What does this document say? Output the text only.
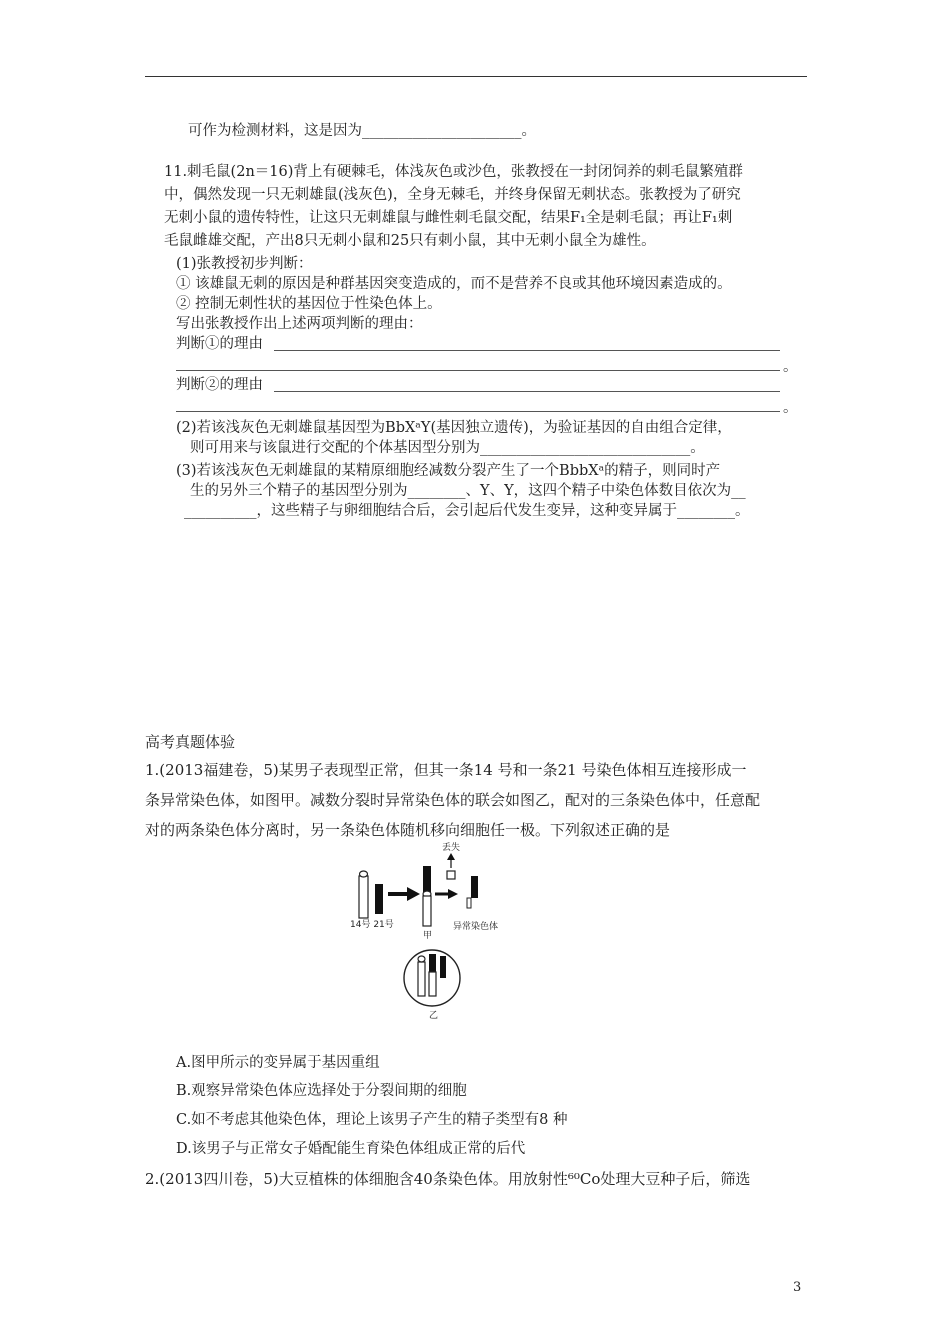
可作为检测材料，这是因为______________________。
11.刺毛鼠(2n＝16)背上有硬棘毛，体浅灰色或沙色，张教授在一封闭饲养的刺毛鼠繁殖群
中，偶然发现一只无刺雄鼠(浅灰色)，全身无棘毛，并终身保留无刺状态。张教授为了研究
无刺小鼠的遗传特性，让这只无刺雄鼠与雌性刺毛鼠交配，结果F₁全是刺毛鼠；再让F₁刺
毛鼠雌雄交配，产出8只无刺小鼠和25只有刺小鼠，其中无刺小鼠全为雄性。
(1)张教授初步判断：
① 该雄鼠无刺的原因是种群基因突变造成的，而不是营养不良或其他环境因素造成的。
② 控制无刺性状的基因位于性染色体上。
写出张教授作出上述两项判断的理由：
判断①的理由
。
判断②的理由
。
(2)若该浅灰色无刺雄鼠基因型为BbXᵃY(基因独立遗传)，为验证基因的自由组合定律，
则可用来与该鼠进行交配的个体基因型分别为_____________________________。
(3)若该浅灰色无刺雄鼠的某精原细胞经减数分裂产生了一个BbbXᵃ的精子，则同时产
生的另外三个精子的基因型分别为________、Y、Y，这四个精子中染色体数目依次为__
__________，这些精子与卵细胞结合后，会引起后代发生变异，这种变异属于________。
高考真题体验
1.(2013福建卷，5)某男子表现型正常，但其一条14 号和一条21 号染色体相互连接形成一
条异常染色体，如图甲。减数分裂时异常染色体的联会如图乙，配对的三条染色体中，任意配
对的两条染色体分离时，另一条染色体随机移向细胞任一极。下列叙述正确的是
丢失
14号 21号
甲
异常染色体
乙
A.图甲所示的变异属于基因重组
B.观察异常染色体应选择处于分裂间期的细胞
C.如不考虑其他染色体，理论上该男子产生的精子类型有8 种
D.该男子与正常女子婚配能生育染色体组成正常的后代
2.(2013四川卷，5)大豆植株的体细胞含40条染色体。用放射性⁶⁰Co处理大豆种子后，筛选
3
